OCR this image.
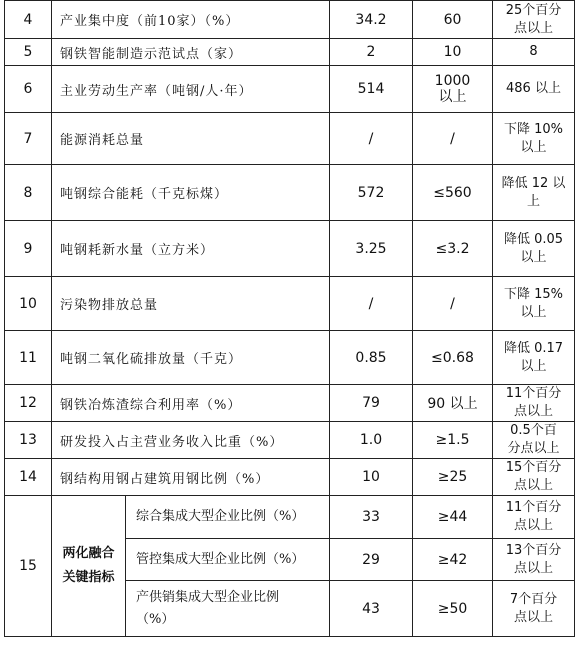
4	产业集中度（前10家）（%）		34.2	60	25个百分
点以上
5	钢铁智能制造示范试点（家）		2	10	8
6	主业劳动生产率（吨钢/人·年）		514	1000
以上	486 以上
7	能源消耗总量		/	/	下降 10%
以上
8	吨钢综合能耗（千克标煤）		572	≤560	降低 12 以
上
9	吨钢耗新水量（立方米）		3.25	≤3.2	降低 0.05
以上
10	污染物排放总量		/	/	下降 15%
以上
11	吨钢二氧化硫排放量（千克）		0.85	≤0.68	降低 0.17
以上
12	钢铁冶炼渣综合利用率（%）		79	90 以上	11个百分
点以上
13	研发投入占主营业务收入比重（%）		1.0	≥1.5	0.5个百
分点以上
14	钢结构用钢占建筑用钢比例（%）		10	≥25	15个百分
点以上
15	两化融合
关键指标	综合集成大型企业比例（%）	33	≥44	11个百分
点以上
		管控集成大型企业比例（%）	29	≥42	13个百分
点以上
		产供销集成大型企业比例
（%）	43	≥50	7个百分
点以上
